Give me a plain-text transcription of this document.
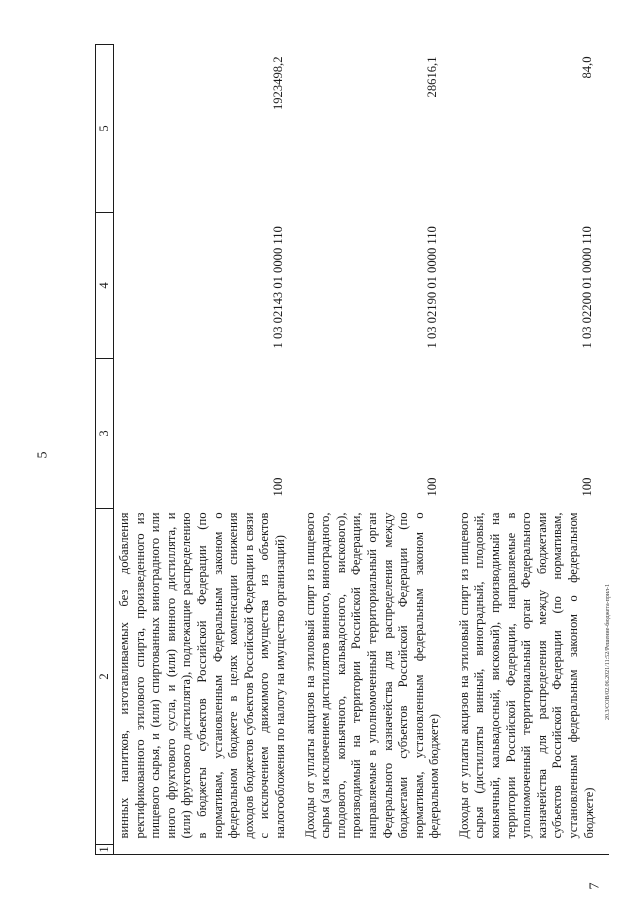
5
7
20.3/СОВ/02.06.2021/11:52/Решение-бюджета-прил-1
1	2	3	4	5
	винных напитков, изготавливаемых без добавления ректификованного этилового спирта, произведенного из пищевого сырья, и (или) спиртованных виноградного или иного фруктового сусла, и (или) винного дистиллята, и (или) фруктового дистиллята), подлежащие распределению в бюджеты субъектов Российской Федерации (по нормативам, установленным Федеральным законом о федеральном бюджете в целях компенсации снижения доходов бюджетов субъектов Российской Федерации в связи с исключением движимого имущества из объектов налогообложения по налогу на имущество организаций)	100	1 03 02143 01 0000 110	1923498,2
	Доходы от уплаты акцизов на этиловый спирт из пищевого сырья (за исключением дистиллятов винного, виноградного, плодового, коньячного, кальвадосного, вискового), производимый на территории Российской Федерации, направляемые в уполномоченный территориальный орган Федерального казначейства для распределения между бюджетами субъектов Российской Федерации (по нормативам, установленным федеральным законом о федеральном бюджете)	100	1 03 02190 01 0000 110	28616,1
	Доходы от уплаты акцизов на этиловый спирт из пищевого сырья (дистилляты винный, виноградный, плодовый, коньячный, кальвадосный, висковый), производимый на территории Российской Федерации, направляемые в уполномоченный территориальный орган Федерального казначейства для распределения между бюджетами субъектов Российской Федерации (по нормативам, установленным федеральным законом о федеральном бюджете)	100	1 03 02200 01 0000 110	84,0
